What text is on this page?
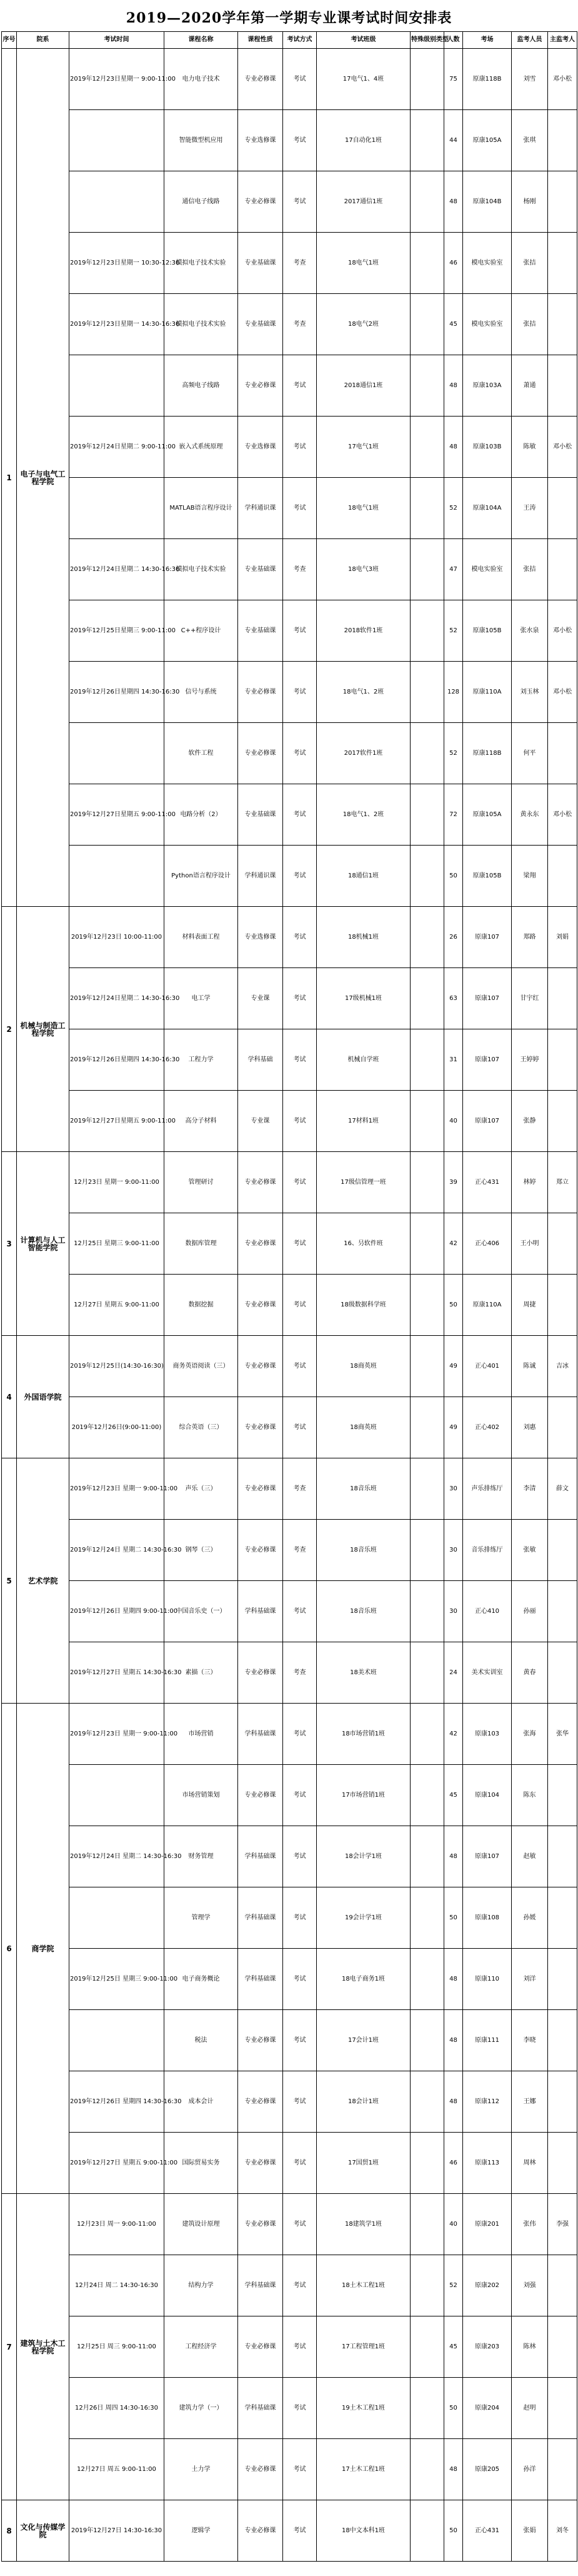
2019—2020学年第一学期专业课考试时间安排表
序号	院系	考试时间	课程名称	课程性质	考试方式	考试班级	特殊级别类型	人数	考场	监考人员	主监考人
1	电子与电气工程学院	2019年12月23日星期一 9:00-11:00	电力电子技术	专业必修课	考试	17电气1、4班		75	原康118B	刘雪	邓小松
			智能微型机应用	专业选修课	考试	17自动化1班		44	原康105A	张琪	
			通信电子线路	专业必修课	考试	2017通信1班		48	原康104B	杨刚	
		2019年12月23日星期一 10:30-12:30	模拟电子技术实验	专业基础课	考查	18电气1班		46	模电实验室	张拮	
		2019年12月23日星期一 14:30-16:30	模拟电子技术实验	专业基础课	考查	18电气2班		45	模电实验室	张拮	
			高频电子线路	专业必修课	考试	2018通信1班		48	原康103A	萧通	
		2019年12月24日星期二 9:00-11:00	嵌入式系统原理	专业选修课	考试	17电气1班		48	原康103B	陈敏	邓小松
			MATLAB语言程序设计	学科通识课	考试	18电气1班		52	原康104A	王涛	
		2019年12月24日星期二 14:30-16:30	模拟电子技术实验	专业基础课	考查	18电气3班		47	模电实验室	张拮	
		2019年12月25日星期三 9:00-11:00	C++程序设计	专业基础课	考试	2018软件1班		52	原康105B	张水泉	邓小松
		2019年12月26日星期四 14:30-16:30	信号与系统	专业必修课	考试	18电气1、2班		128	原康110A	刘玉林	邓小松
			软件工程	专业必修课	考试	2017软件1班		52	原康118B	何平	
		2019年12月27日星期五 9:00-11:00	电路分析（2）	专业基础课	考试	18电气1、2班		72	原康105A	黄永东	邓小松
			Python语言程序设计	学科通识课	考试	18通信1班		50	原康105B	梁翔	
2	机械与制造工程学院	2019年12月23日 10:00-11:00	材料表面工程	专业选修课	考试	18机械1班		26	原康107	郑路	刘娟
		2019年12月24日星期二 14:30-16:30	电工学	专业课	考试	17级机械1班		63	原康107	甘宇红	
		2019年12月26日星期四 14:30-16:30	工程力学	学科基础	考试	机械自学班		31	原康107	王婷婷	
		2019年12月27日星期五 9:00-11:00	高分子材料	专业课	考试	17材料1班		40	原康107	张静	
3	计算机与人工智能学院	12月23日 星期一 9:00-11:00	管理研讨	专业必修课	考试	17级信管理一班		39	正心431	林婷	郑立
		12月25日 星期三 9:00-11:00	数据库管理	专业必修课	考试	16、叧软件班		42	正心406	王小明	
		12月27日 星期五 9:00-11:00	数据挖掘	专业必修课	考试	18级数据科学班		50	原康110A	周捷	
4	外国语学院	2019年12月25日(14:30-16:30)	商务英语阅读（三）	专业必修课	考试	18商英班		49	正心401	陈诚	吉冰
		2019年12月26日(9:00-11:00)	综合英语（三）	专业必修课	考试	18商英班		49	正心402	刘惠	
5	艺术学院	2019年12月23日 星期一 9:00-11:00	声乐（三）	专业必修课	考查	18音乐班		30	声乐排练厅	李清	薛文
		2019年12月24日 星期二 14:30-16:30	钢琴（三）	专业必修课	考查	18音乐班		30	音乐排练厅	张敏	
		2019年12月26日 星期四 9:00-11:00	中国音乐史（一）	学科基础课	考试	18音乐班		30	正心410	孙丽	
		2019年12月27日 星期五 14:30-16:30	素描（三）	专业必修课	考查	18美术班		24	美术实训室	黄春	
6	商学院	2019年12月23日 星期一 9:00-11:00	市场营销	学科基础课	考试	18市场营销1班		42	原康103	张海	张华
			市场营销策划	专业必修课	考试	17市场营销1班		45	原康104	陈东	
		2019年12月24日 星期二 14:30-16:30	财务管理	学科基础课	考试	18会计学1班		48	原康107	赵敏	
			管理学	学科基础课	考试	19会计学1班		50	原康108	孙媛	
		2019年12月25日 星期三 9:00-11:00	电子商务概论	学科基础课	考试	18电子商务1班		48	原康110	刘洋	
			税法	专业必修课	考试	17会计1班		48	原康111	李晓	
		2019年12月26日 星期四 14:30-16:30	成本会计	专业必修课	考试	18会计1班		48	原康112	王娜	
		2019年12月27日 星期五 9:00-11:00	国际贸易实务	专业必修课	考试	17国贸1班		46	原康113	周林	
7	建筑与土木工程学院	12月23日 周一 9:00-11:00	建筑设计原理	专业必修课	考试	18建筑学1班		40	原康201	张伟	李强
		12月24日 周二 14:30-16:30	结构力学	学科基础课	考试	18土木工程1班		52	原康202	刘强	
		12月25日 周三 9:00-11:00	工程经济学	专业必修课	考试	17工程管理1班		45	原康203	陈林	
		12月26日 周四 14:30-16:30	建筑力学（一）	学科基础课	考试	19土木工程1班		50	原康204	赵明	
		12月27日 周五 9:00-11:00	土力学	专业必修课	考试	17土木工程1班		48	原康205	孙洋	
8	文化与传媒学院	2019年12月27日 14:30-16:30	逻辑学	专业必修课	考试	18中文本科1班		50	正心431	张娟	刘冬
